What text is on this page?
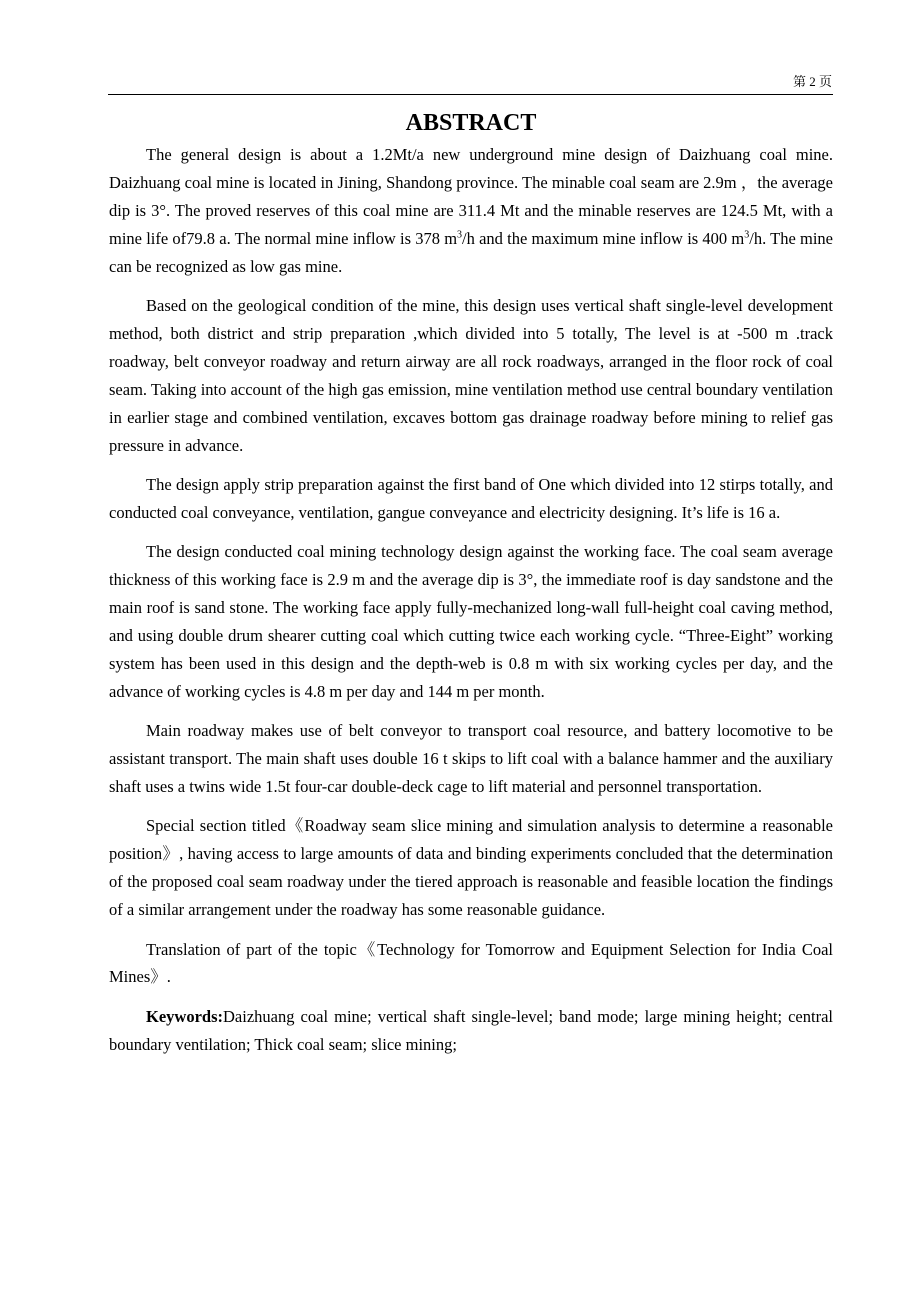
第 2 页
ABSTRACT

The general design is about a 1.2Mt/a new underground mine design of Daizhuang coal mine. Daizhuang coal mine is located in Jining, Shandong province. The minable coal seam are 2.9m ，the average dip is 3°. The proved reserves of this coal mine are 311.4 Mt and the minable reserves are 124.5 Mt, with a mine life of79.8 a. The normal mine inflow is 378 $m^3/h$ and the maximum mine inflow is 400 $m^3/h$. The mine can be recognized as low gas mine.

Based on the geological condition of the mine, this design uses vertical shaft single-level development method, both district and strip preparation ,which divided into 5 totally, The level is at -500 m .track roadway, belt conveyor roadway and return airway are all rock roadways, arranged in the floor rock of coal seam. Taking into account of the high gas emission, mine ventilation method use central boundary ventilation in earlier stage and combined ventilation, excaves bottom gas drainage roadway before mining to relief gas pressure in advance.

The design apply strip preparation against the first band of One which divided into 12 stirps totally, and conducted coal conveyance, ventilation, gangue conveyance and electricity designing. It’s life is 16 a.

The design conducted coal mining technology design against the working face. The coal seam average thickness of this working face is 2.9 m and the average dip is 3°, the immediate roof is day sandstone and the main roof is sand stone. The working face apply fully-mechanized long-wall full-height coal caving method, and using double drum shearer cutting coal which cutting twice each working cycle. “Three-Eight” working system has been used in this design and the depth-web is 0.8 m with six working cycles per day, and the advance of working cycles is 4.8 m per day and 144 m per month.

Main roadway makes use of belt conveyor to transport coal resource, and battery locomotive to be assistant transport. The main shaft uses double 16 t skips to lift coal with a balance hammer and the auxiliary shaft uses a twins wide 1.5t four-car double-deck cage to lift material and personnel transportation.

Special section titled《Roadway seam slice mining and simulation analysis to determine a reasonable position》, having access to large amounts of data and binding experiments concluded that the determination of the proposed coal seam roadway under the tiered approach is reasonable and feasible location the findings of a similar arrangement under the roadway has some reasonable guidance.

Translation of part of the topic《Technology for Tomorrow and Equipment Selection for India Coal Mines》.

Keywords:Daizhuang coal mine; vertical shaft single-level; band mode; large mining height; central boundary ventilation; Thick coal seam; slice mining;
